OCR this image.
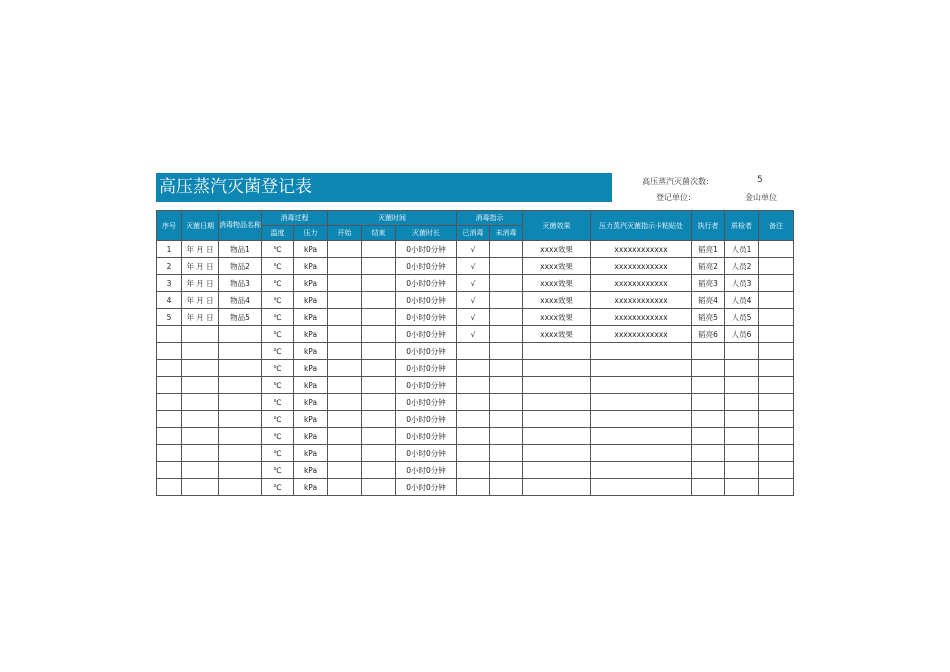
高压蒸汽灭菌登记表	高压蒸汽灭菌次数:	5
登记单位:	金山单位
序号	灭菌日期	消毒物品名称	消毒过程		灭菌时间			消毒指示		灭菌效果	压力蒸汽灭菌指示卡粘贴处	执行者	质检者	备注
			温度	压力	开始	结束	灭菌时长	已消毒	未消毒					
1	年 月 日	物品1	℃	kPa			0小时0分钟	√		xxxx效果	xxxxxxxxxxxx	韬亮1	人员1	
2	年 月 日	物品2	℃	kPa			0小时0分钟	√		xxxx效果	xxxxxxxxxxxx	韬亮2	人员2	
3	年 月 日	物品3	℃	kPa			0小时0分钟	√		xxxx效果	xxxxxxxxxxxx	韬亮3	人员3	
4	年 月 日	物品4	℃	kPa			0小时0分钟	√		xxxx效果	xxxxxxxxxxxx	韬亮4	人员4	
5	年 月 日	物品5	℃	kPa			0小时0分钟	√		xxxx效果	xxxxxxxxxxxx	韬亮5	人员5	
			℃	kPa			0小时0分钟	√		xxxx效果	xxxxxxxxxxxx	韬亮6	人员6	
			℃	kPa			0小时0分钟							
			℃	kPa			0小时0分钟							
			℃	kPa			0小时0分钟							
			℃	kPa			0小时0分钟							
			℃	kPa			0小时0分钟							
			℃	kPa			0小时0分钟							
			℃	kPa			0小时0分钟							
			℃	kPa			0小时0分钟							
			℃	kPa			0小时0分钟							
